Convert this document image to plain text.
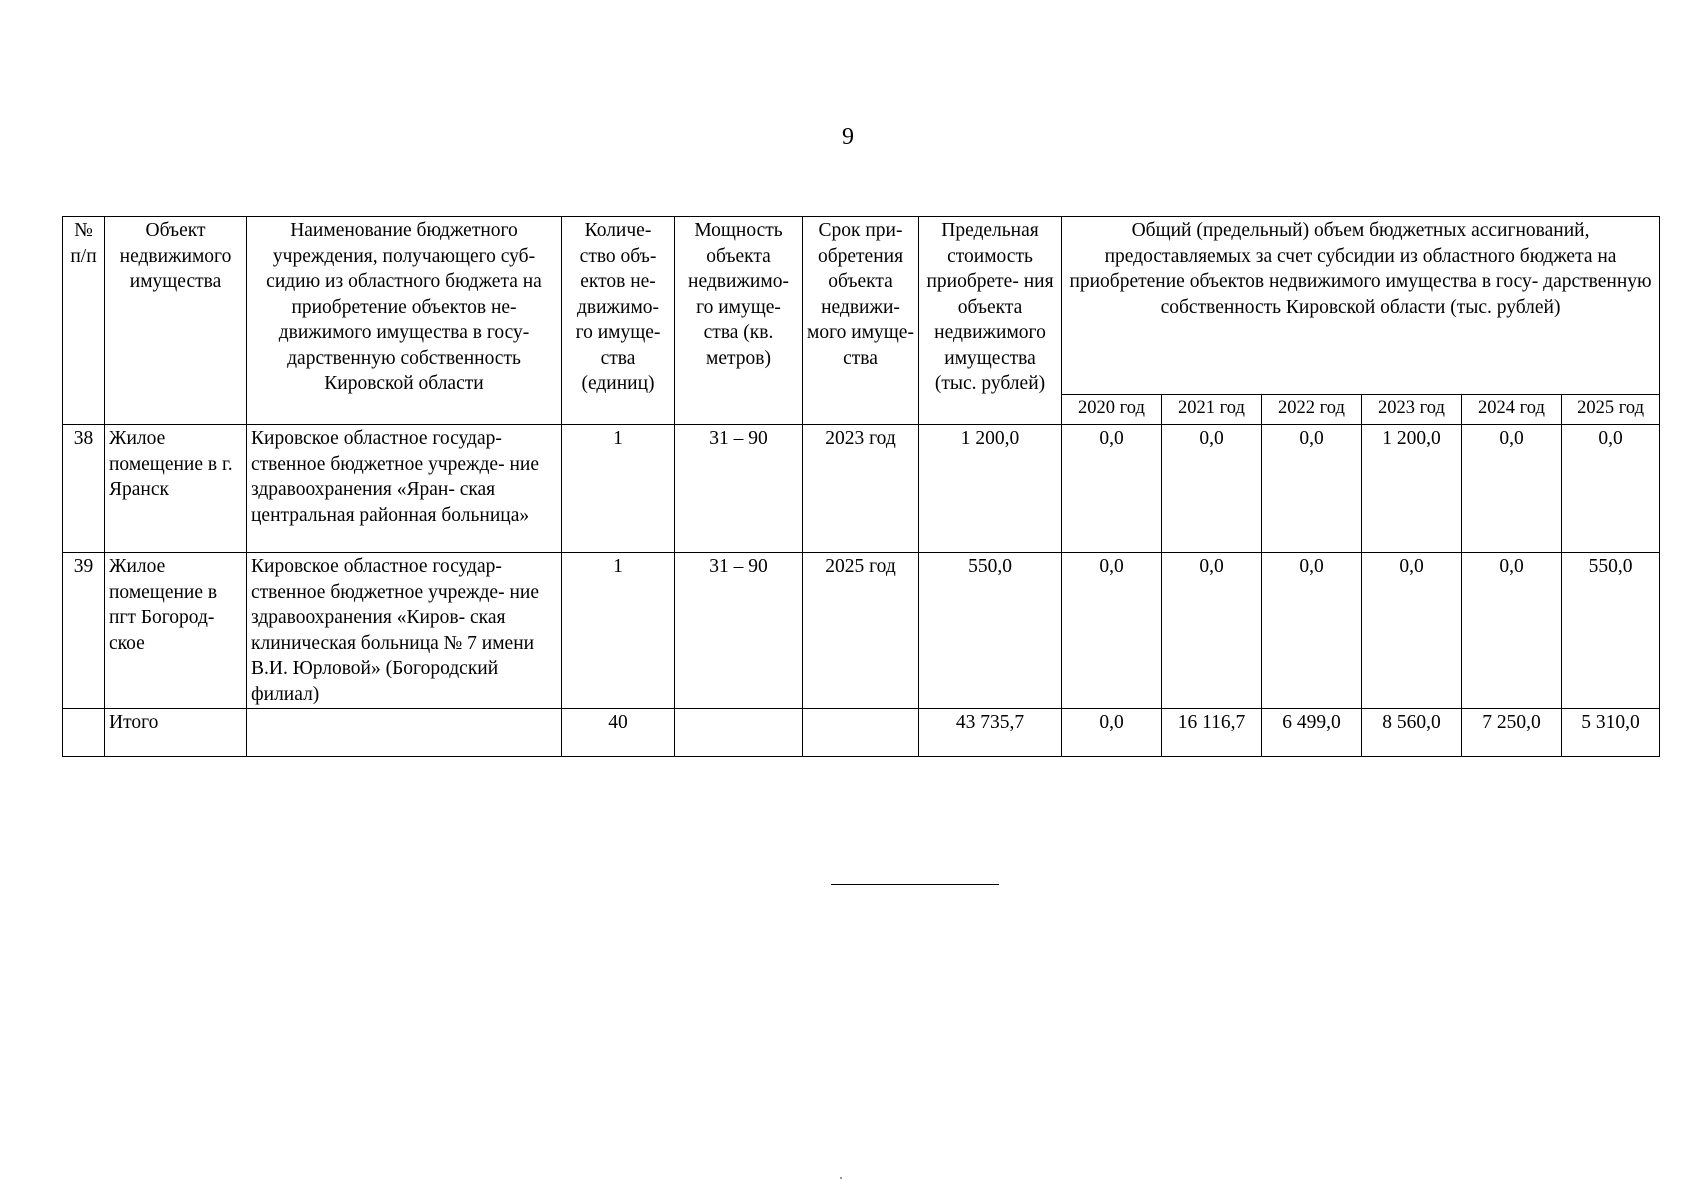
9
№ п/п	Объект недвижимого имущества	Наименование бюджетного учреждения, получающего суб- сидию из областного бюджета на приобретение объектов не- движимого имущества в госу- дарственную собственность Кировской области	Количе- ство объ- ектов не- движимо- го имуще- ства (единиц)	Мощность объекта недвижимо- го имуще- ства (кв. метров)	Срок при- обретения объекта недвижи- мого имуще- ства	Предельная стоимость приобрете- ния объекта недвижимого имущества (тыс. рублей)	Общий (предельный) объем бюджетных ассигнований, предоставляемых за счет субсидии из областного бюджета на приобретение объектов недвижимого имущества в госу- дарственную собственность Кировской области (тыс. рублей)					
							2020 год	2021 год	2022 год	2023 год	2024 год	2025 год
38	Жилое помещение в г. Яранск	Кировское областное государ- ственное бюджетное учрежде- ние здравоохранения «Яран- ская центральная районная больница»	1	31 – 90	2023 год	1 200,0	0,0	0,0	0,0	1 200,0	0,0	0,0
39	Жилое помещение в пгт Богород- ское	Кировское областное государ- ственное бюджетное учрежде- ние здравоохранения «Киров- ская клиническая больница № 7 имени В.И. Юрловой» (Богородский филиал)	1	31 – 90	2025 год	550,0	0,0	0,0	0,0	0,0	0,0	550,0
	Итого		40			43 735,7	0,0	16 116,7	6 499,0	8 560,0	7 250,0	5 310,0
